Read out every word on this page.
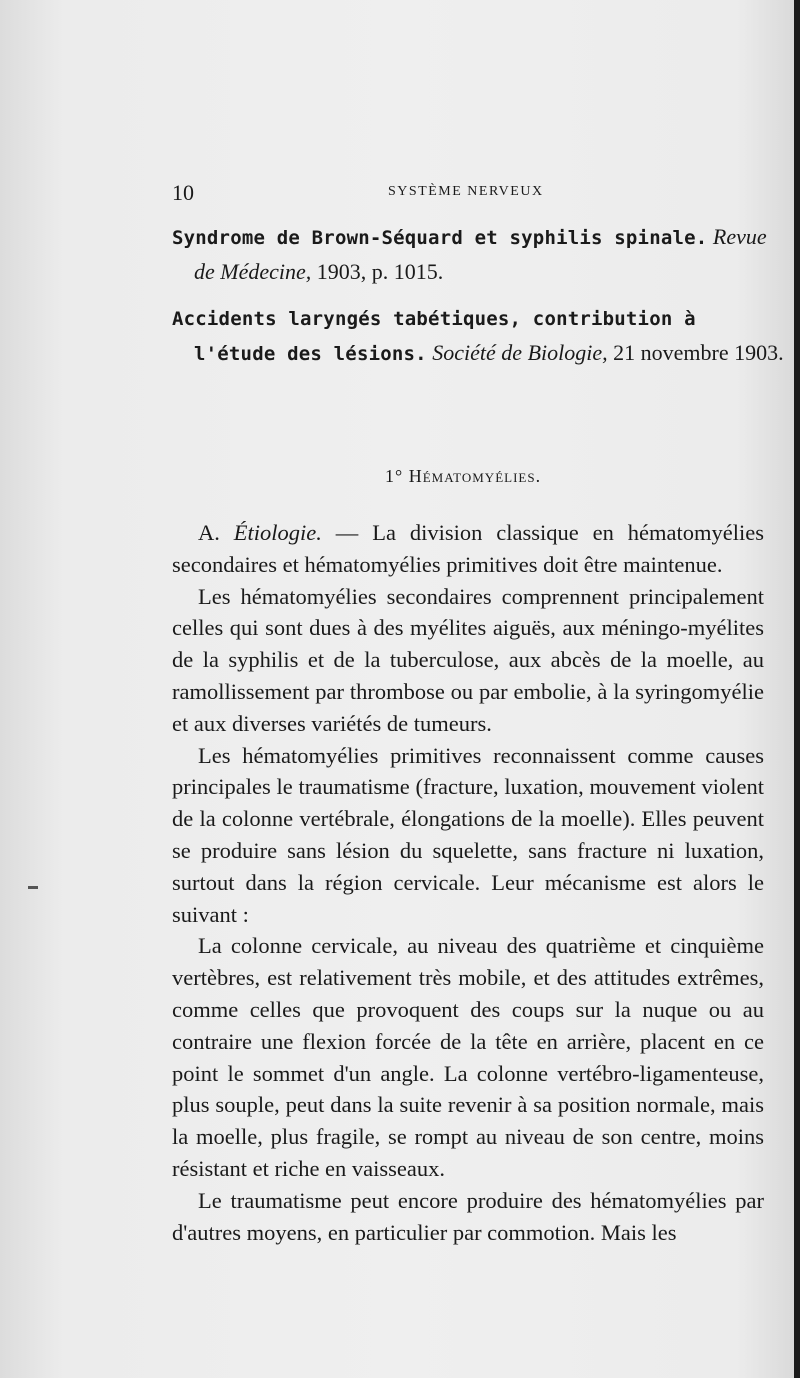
10	SYSTÈME NERVEUX

Syndrome de Brown-Séquard et syphilis spinale. Revue de Médecine, 1903, p. 1015.

Accidents laryngés tabétiques, contribution à l'étude des lésions. Société de Biologie, 21 novembre 1903.

1° Hématomyélies.

A. Étiologie. — La division classique en hématomyélies secondaires et hématomyélies primitives doit être maintenue.

Les hématomyélies secondaires comprennent principalement celles qui sont dues à des myélites aiguës, aux méningo-myélites de la syphilis et de la tuberculose, aux abcès de la moelle, au ramollissement par thrombose ou par embolie, à la syringomyélie et aux diverses variétés de tumeurs.

Les hématomyélies primitives reconnaissent comme causes principales le traumatisme (fracture, luxation, mouvement violent de la colonne vertébrale, élongations de la moelle). Elles peuvent se produire sans lésion du squelette, sans fracture ni luxation, surtout dans la région cervicale. Leur mécanisme est alors le suivant :

La colonne cervicale, au niveau des quatrième et cinquième vertèbres, est relativement très mobile, et des attitudes extrêmes, comme celles que provoquent des coups sur la nuque ou au contraire une flexion forcée de la tête en arrière, placent en ce point le sommet d'un angle. La colonne vertébro-ligamenteuse, plus souple, peut dans la suite revenir à sa position normale, mais la moelle, plus fragile, se rompt au niveau de son centre, moins résistant et riche en vaisseaux.

Le traumatisme peut encore produire des hématomyélies par d'autres moyens, en particulier par commotion. Mais les
